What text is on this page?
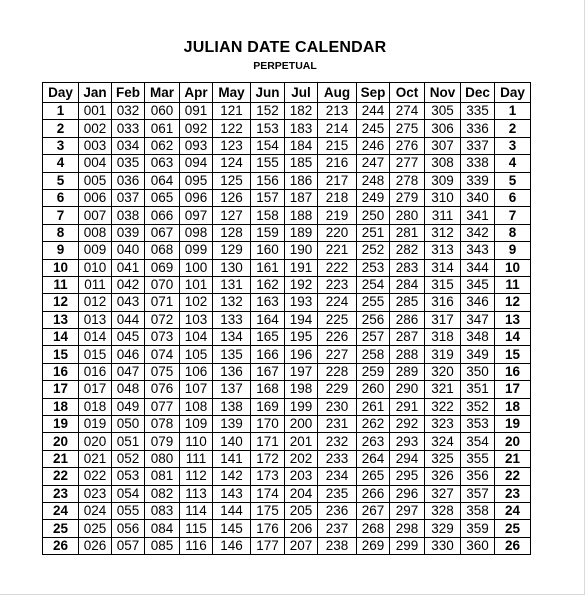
JULIAN DATE CALENDAR
PERPETUAL
Day	Jan	Feb	Mar	Apr	May	Jun	Jul	Aug	Sep	Oct	Nov	Dec	Day
1	001	032	060	091	121	152	182	213	244	274	305	335	1
2	002	033	061	092	122	153	183	214	245	275	306	336	2
3	003	034	062	093	123	154	184	215	246	276	307	337	3
4	004	035	063	094	124	155	185	216	247	277	308	338	4
5	005	036	064	095	125	156	186	217	248	278	309	339	5
6	006	037	065	096	126	157	187	218	249	279	310	340	6
7	007	038	066	097	127	158	188	219	250	280	311	341	7
8	008	039	067	098	128	159	189	220	251	281	312	342	8
9	009	040	068	099	129	160	190	221	252	282	313	343	9
10	010	041	069	100	130	161	191	222	253	283	314	344	10
11	011	042	070	101	131	162	192	223	254	284	315	345	11
12	012	043	071	102	132	163	193	224	255	285	316	346	12
13	013	044	072	103	133	164	194	225	256	286	317	347	13
14	014	045	073	104	134	165	195	226	257	287	318	348	14
15	015	046	074	105	135	166	196	227	258	288	319	349	15
16	016	047	075	106	136	167	197	228	259	289	320	350	16
17	017	048	076	107	137	168	198	229	260	290	321	351	17
18	018	049	077	108	138	169	199	230	261	291	322	352	18
19	019	050	078	109	139	170	200	231	262	292	323	353	19
20	020	051	079	110	140	171	201	232	263	293	324	354	20
21	021	052	080	111	141	172	202	233	264	294	325	355	21
22	022	053	081	112	142	173	203	234	265	295	326	356	22
23	023	054	082	113	143	174	204	235	266	296	327	357	23
24	024	055	083	114	144	175	205	236	267	297	328	358	24
25	025	056	084	115	145	176	206	237	268	298	329	359	25
26	026	057	085	116	146	177	207	238	269	299	330	360	26
